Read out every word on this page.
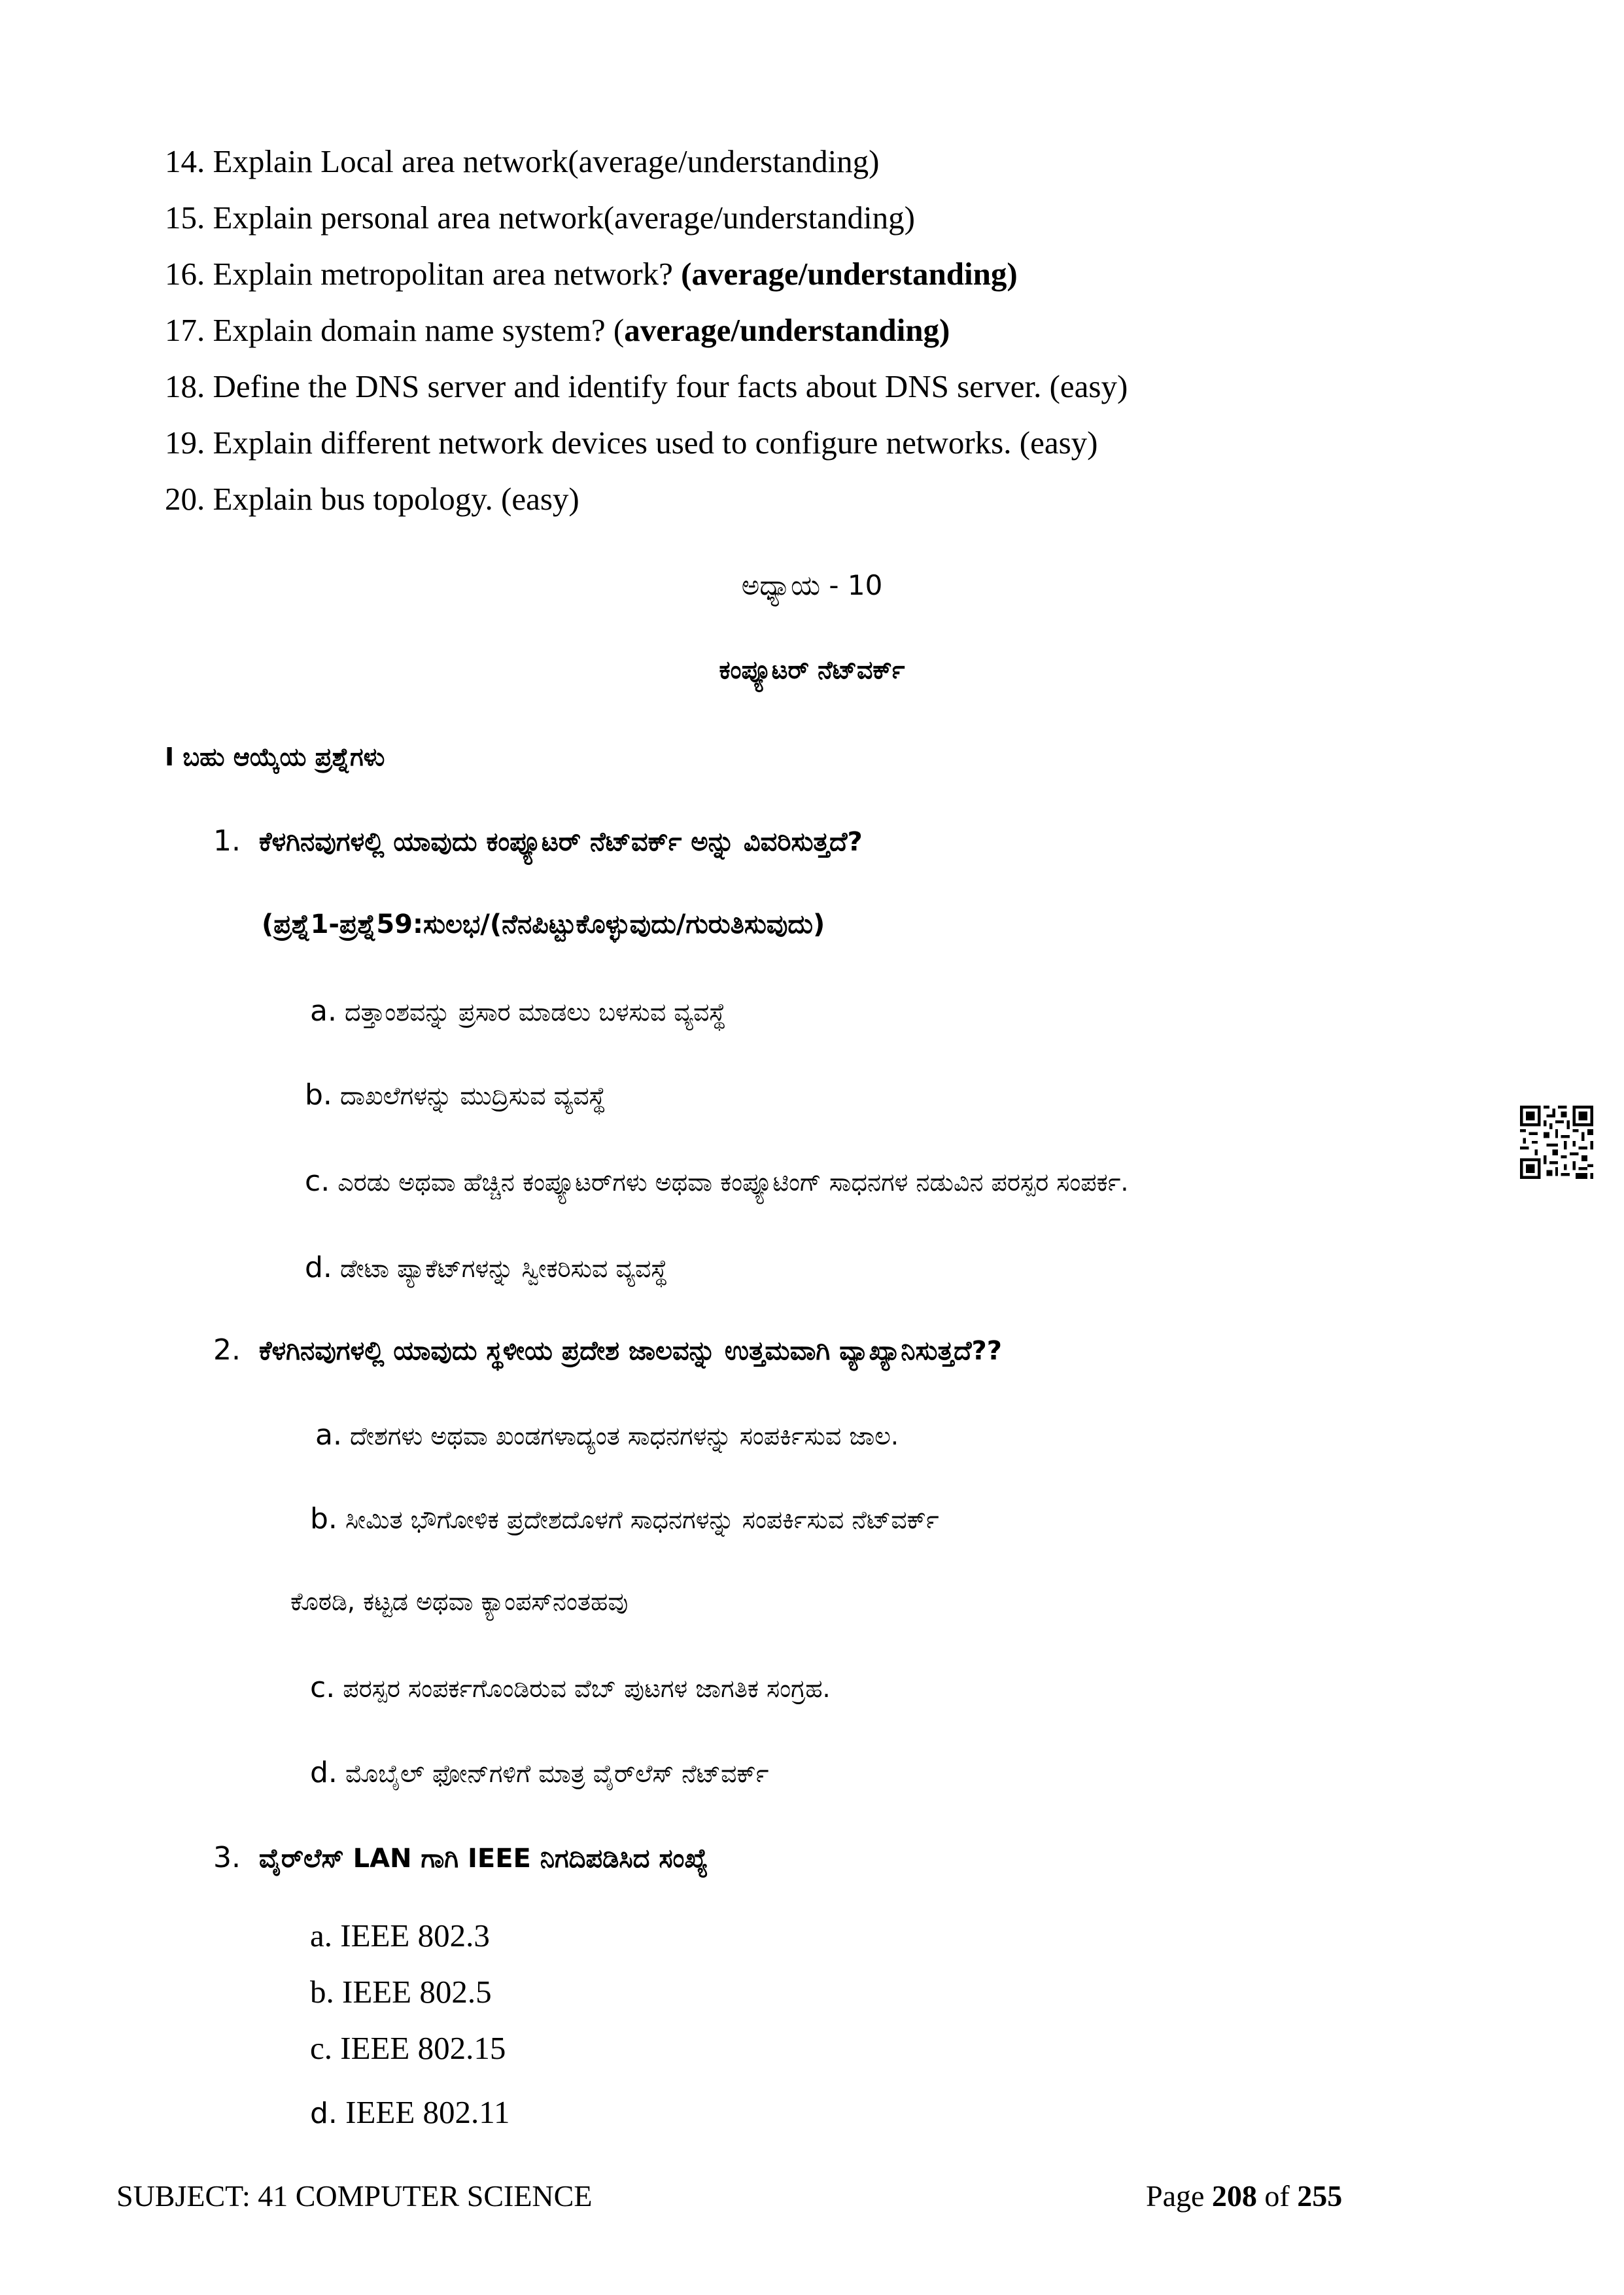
14. Explain Local area network(average/understanding)
15. Explain personal area network(average/understanding)
16. Explain metropolitan area network? (average/understanding)
17. Explain domain name system? (average/understanding)
18. Define the DNS server and identify four facts about DNS server. (easy)
19. Explain different network devices used to configure networks. (easy)
20. Explain bus topology. (easy)
ಅಧ್ಯಾಯ - 10
ಕಂಪ್ಯೂಟರ್ ನೆಟ್‌ವರ್ಕ್
I ಬಹು ಆಯ್ಕೆಯ ಪ್ರಶ್ನೆಗಳು
1. ಕೆಳಗಿನವುಗಳಲ್ಲಿ ಯಾವುದು ಕಂಪ್ಯೂಟರ್ ನೆಟ್‌ವರ್ಕ್ ಅನ್ನು ವಿವರಿಸುತ್ತದೆ?
(ಪ್ರಶ್ನೆ1-ಪ್ರಶ್ನೆ59:ಸುಲಭ/(ನೆನಪಿಟ್ಟುಕೊಳ್ಳುವುದು/ಗುರುತಿಸುವುದು)
a. ದತ್ತಾಂಶವನ್ನು ಪ್ರಸಾರ ಮಾಡಲು ಬಳಸುವ ವ್ಯವಸ್ಥೆ
b. ದಾಖಲೆಗಳನ್ನು ಮುದ್ರಿಸುವ ವ್ಯವಸ್ಥೆ
c. ಎರಡು ಅಥವಾ ಹೆಚ್ಚಿನ ಕಂಪ್ಯೂಟರ್‌ಗಳು ಅಥವಾ ಕಂಪ್ಯೂಟಿಂಗ್ ಸಾಧನಗಳ ನಡುವಿನ ಪರಸ್ಪರ ಸಂಪರ್ಕ.
d. ಡೇಟಾ ಪ್ಯಾಕೆಟ್‌ಗಳನ್ನು ಸ್ವೀಕರಿಸುವ ವ್ಯವಸ್ಥೆ
2. ಕೆಳಗಿನವುಗಳಲ್ಲಿ ಯಾವುದು ಸ್ಥಳೀಯ ಪ್ರದೇಶ ಜಾಲವನ್ನು ಉತ್ತಮವಾಗಿ ವ್ಯಾಖ್ಯಾನಿಸುತ್ತದೆ??
a. ದೇಶಗಳು ಅಥವಾ ಖಂಡಗಳಾದ್ಯಂತ ಸಾಧನಗಳನ್ನು ಸಂಪರ್ಕಿಸುವ ಜಾಲ.
b. ಸೀಮಿತ ಭೌಗೋಳಿಕ ಪ್ರದೇಶದೊಳಗೆ ಸಾಧನಗಳನ್ನು ಸಂಪರ್ಕಿಸುವ ನೆಟ್‌ವರ್ಕ್
ಕೊಠಡಿ, ಕಟ್ಟಡ ಅಥವಾ ಕ್ಯಾಂಪಸ್‌ನಂತಹವು
c. ಪರಸ್ಪರ ಸಂಪರ್ಕಗೊಂಡಿರುವ ವೆಬ್ ಪುಟಗಳ ಜಾಗತಿಕ ಸಂಗ್ರಹ.
d. ಮೊಬೈಲ್ ಫೋನ್‌ಗಳಿಗೆ ಮಾತ್ರ ವೈರ್‌ಲೆಸ್ ನೆಟ್‌ವರ್ಕ್
3. ವೈರ್‌ಲೆಸ್ LAN ಗಾಗಿ IEEE ನಿಗದಿಪಡಿಸಿದ ಸಂಖ್ಯೆ
a. IEEE 802.3
b. IEEE 802.5
c. IEEE 802.15
d. IEEE 802.11
SUBJECT: 41 COMPUTER SCIENCE	Page 208 of 255
